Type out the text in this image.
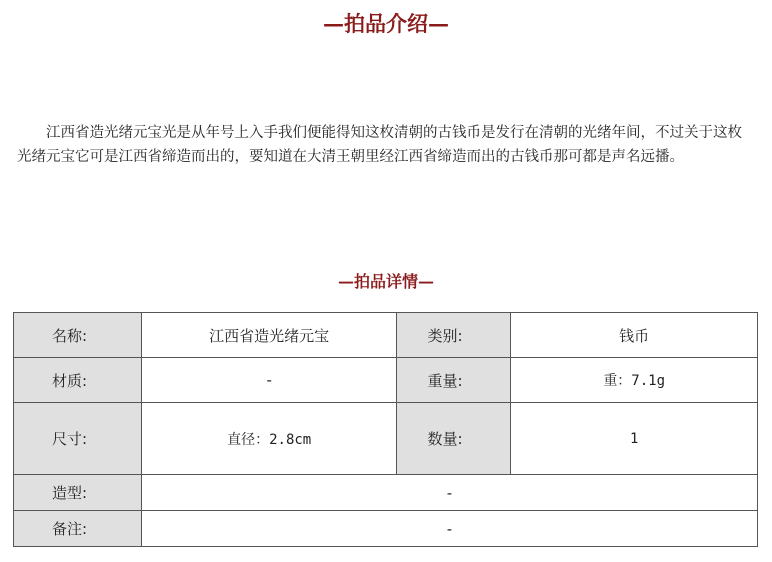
—拍品介绍—

江西省造光绪元宝光是从年号上入手我们便能得知这枚清朝的古钱币是发行在清朝的光绪年间，不过关于这枚光绪元宝它可是江西省缔造而出的，要知道在大清王朝里经江西省缔造而出的古钱币那可都是声名远播。

—拍品详情—
名称:	江西省造光绪元宝	类别:	钱币
材质:	-	重量:	重：7.1g
尺寸:	直径：2.8cm	数量:	1
造型:	-		
备注:	-		
